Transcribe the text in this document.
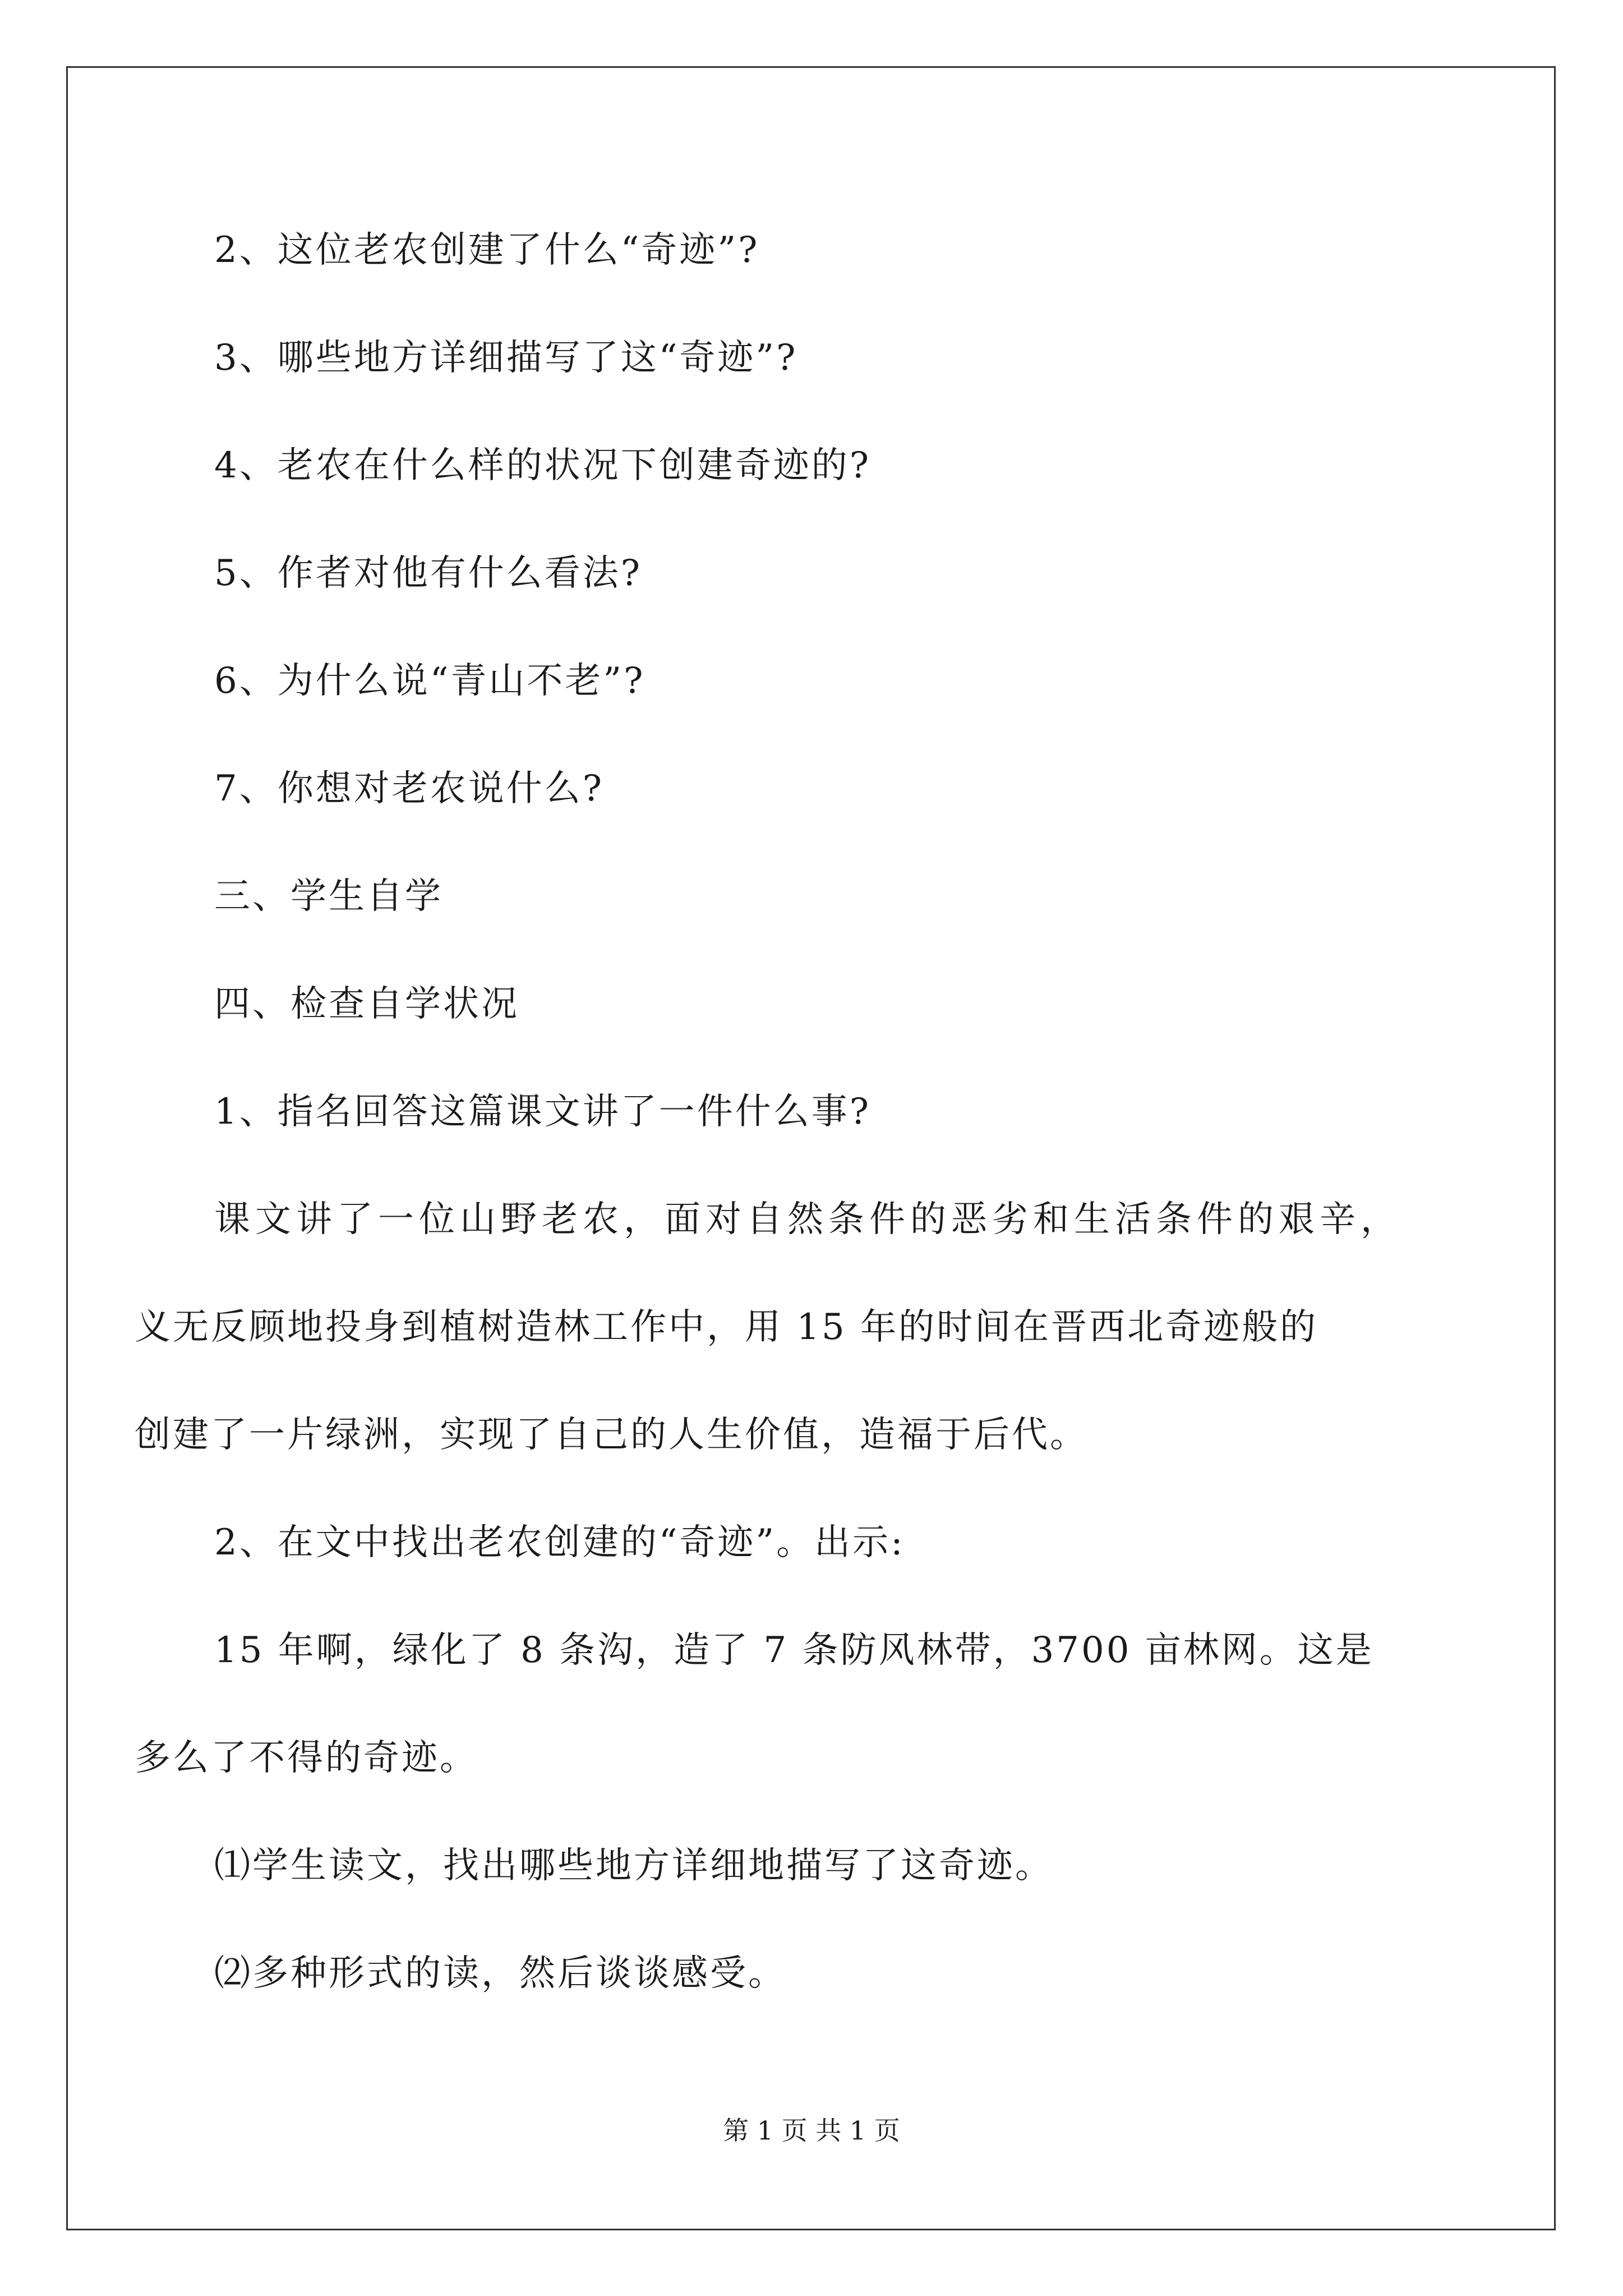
2、这位老农创建了什么“奇迹”?
3、哪些地方详细描写了这“奇迹”?
4、老农在什么样的状况下创建奇迹的?
5、作者对他有什么看法?
6、为什么说“青山不老”?
7、你想对老农说什么?
三、学生自学
四、检查自学状况
1、指名回答这篇课文讲了一件什么事?
课文讲了一位山野老农，面对自然条件的恶劣和生活条件的艰辛，
义无反顾地投身到植树造林工作中，用 15 年的时间在晋西北奇迹般的
创建了一片绿洲，实现了自己的人生价值，造福于后代。
2、在文中找出老农创建的“奇迹”。出示:
15 年啊，绿化了 8 条沟，造了 7 条防风林带，3700 亩林网。这是
多么了不得的奇迹。
⑴学生读文，找出哪些地方详细地描写了这奇迹。
⑵多种形式的读，然后谈谈感受。
第 1 页 共 1 页
